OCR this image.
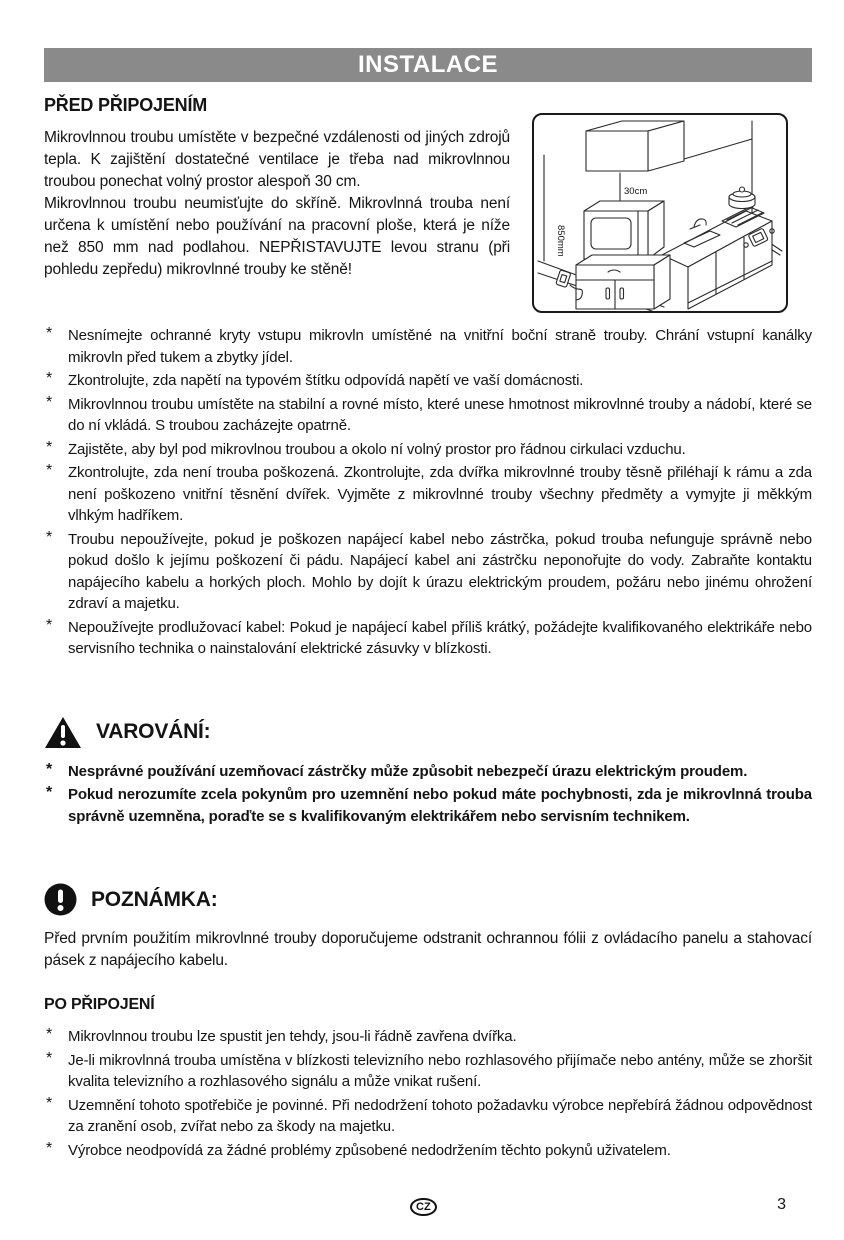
INSTALACE
PŘED PŘIPOJENÍM

Mikrovlnnou troubu umístěte v bezpečné vzdálenosti od jiných zdrojů tepla. K zajištění dostatečné ventilace je třeba nad mikrovlnnou troubou ponechat volný prostor alespoň 30 cm.

Mikrovlnnou troubu neumisťujte do skříně. Mikrovlnná trouba není určena k umístění nebo používání na pracovní ploše, která je níže než 850 mm nad podlahou. NEPŘISTAVUJTE levou stranu (při pohledu zepředu) mikrovlnné trouby ke stěně!

30cm
850mm
*	Nesnímejte ochranné kryty vstupu mikrovln umístěné na vnitřní boční straně trouby. Chrání vstupní kanálky mikrovln před tukem a zbytky jídel.
*	Zkontrolujte, zda napětí na typovém štítku odpovídá napětí ve vaší domácnosti.
*	Mikrovlnnou troubu umístěte na stabilní a rovné místo, které unese hmotnost mikrovlnné trouby a nádobí, které se do ní vkládá. S troubou zacházejte opatrně.
*	Zajistěte, aby byl pod mikrovlnou troubou a okolo ní volný prostor pro řádnou cirkulaci vzduchu.
*	Zkontrolujte, zda není trouba poškozená. Zkontrolujte, zda dvířka mikrovlnné trouby těsně přiléhají k rámu a zda není poškozeno vnitřní těsnění dvířek. Vyjměte z mikrovlnné trouby všechny předměty a vymyjte ji měkkým vlhkým hadříkem.
*	Troubu nepoužívejte, pokud je poškozen napájecí kabel nebo zástrčka, pokud trouba nefunguje správně nebo pokud došlo k jejímu poškození či pádu. Napájecí kabel ani zástrčku neponořujte do vody. Zabraňte kontaktu napájecího kabelu a horkých ploch. Mohlo by dojít k úrazu elektrickým proudem, požáru nebo jinému ohrožení zdraví a majetku.
*	Nepoužívejte prodlužovací kabel: Pokud je napájecí kabel příliš krátký, požádejte kvalifikovaného elektrikáře nebo servisního technika o nainstalování elektrické zásuvky v blízkosti.
VAROVÁNÍ:
*	Nesprávné používání uzemňovací zástrčky může způsobit nebezpečí úrazu elektrickým proudem.
*	Pokud nerozumíte zcela pokynům pro uzemnění nebo pokud máte pochybnosti, zda je mikrovlnná trouba správně uzemněna, poraďte se s kvalifikovaným elektrikářem nebo servisním technikem.
POZNÁMKA:

Před prvním použitím mikrovlnné trouby doporučujeme odstranit ochrannou fólii z ovládacího panelu a stahovací pásek z napájecího kabelu.

PO PŘIPOJENÍ
*	Mikrovlnnou troubu lze spustit jen tehdy, jsou-li řádně zavřena dvířka.
*	Je-li mikrovlnná trouba umístěna v blízkosti televizního nebo rozhlasového přijímače nebo antény, může se zhoršit kvalita televizního a rozhlasového signálu a může vnikat rušení.
*	Uzemnění tohoto spotřebiče je povinné. Při nedodržení tohoto požadavku výrobce nepřebírá žádnou odpovědnost za zranění osob, zvířat nebo za škody na majetku.
*	Výrobce neodpovídá za žádné problémy způsobené nedodržením těchto pokynů uživatelem.
CZ	3
